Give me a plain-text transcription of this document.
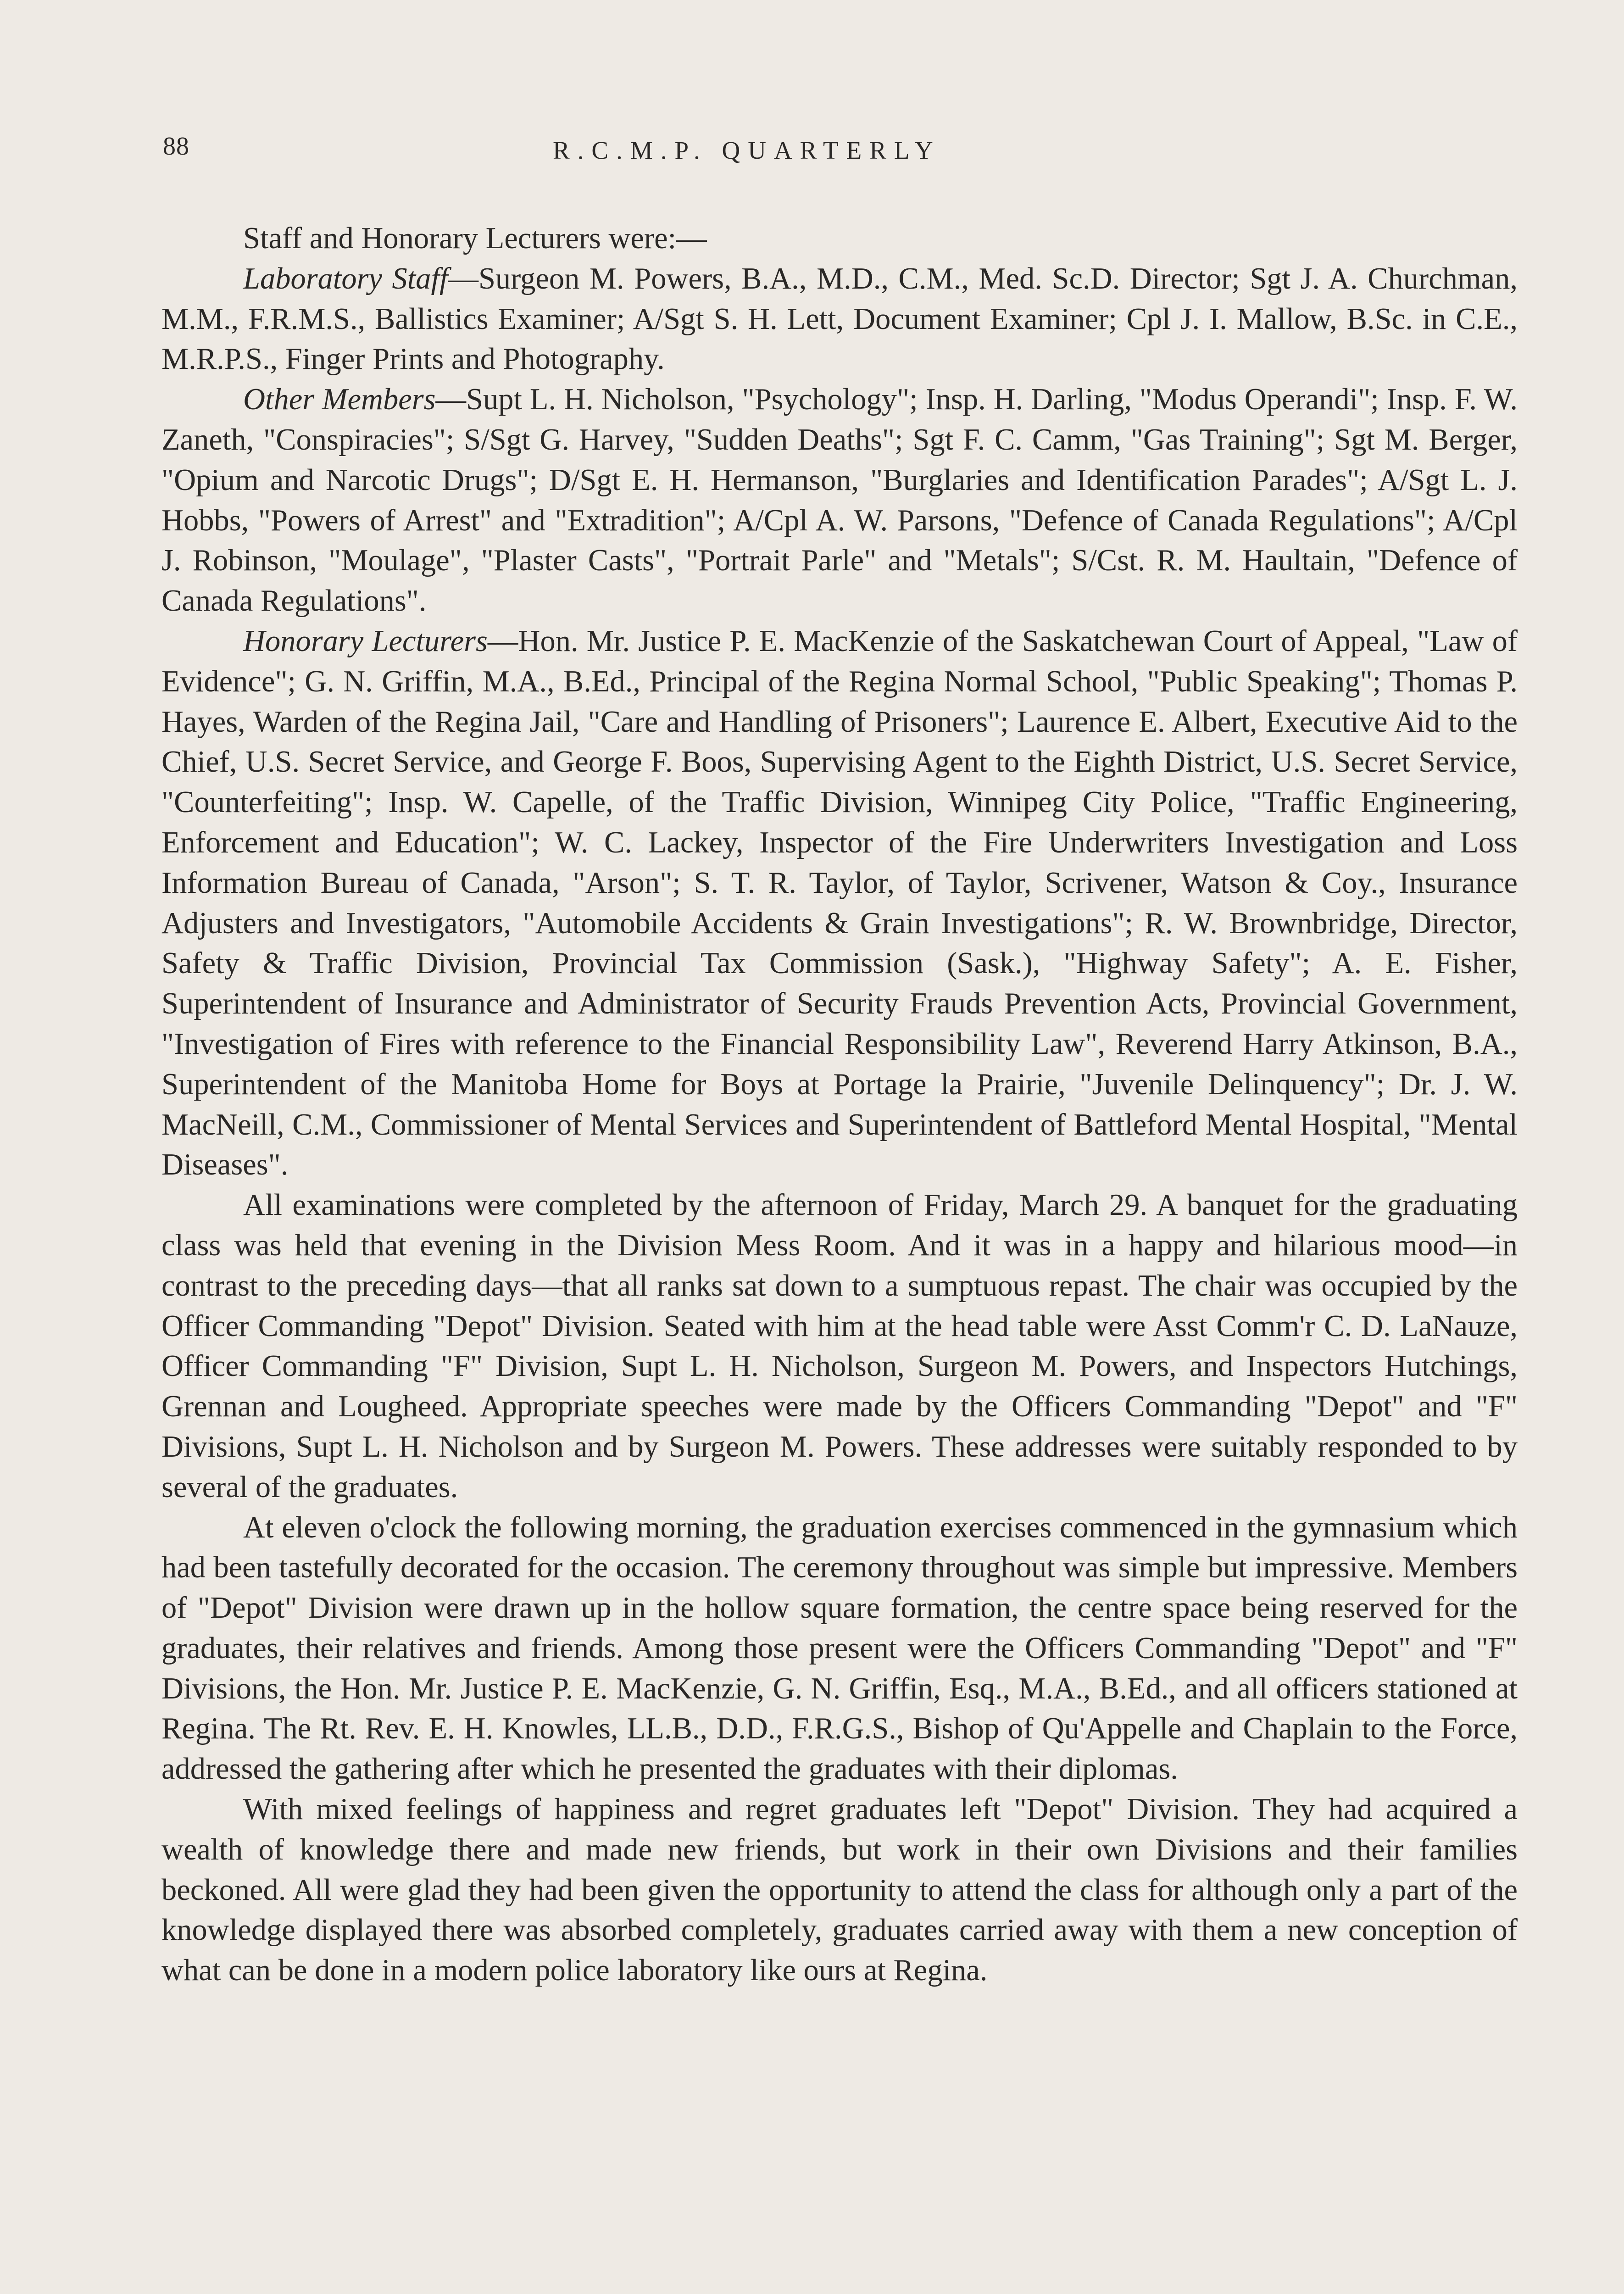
88	R.C.M.P. QUARTERLY

Staff and Honorary Lecturers were:—

Laboratory Staff—Surgeon M. Powers, B.A., M.D., C.M., Med. Sc.D. Director; Sgt J. A. Churchman, M.M., F.R.M.S., Ballistics Examiner; A/Sgt S. H. Lett, Document Examiner; Cpl J. I. Mallow, B.Sc. in C.E., M.R.P.S., Finger Prints and Photography.

Other Members—Supt L. H. Nicholson, "Psychology"; Insp. H. Darling, "Modus Operandi"; Insp. F. W. Zaneth, "Conspiracies"; S/Sgt G. Harvey, "Sudden Deaths"; Sgt F. C. Camm, "Gas Training"; Sgt M. Berger, "Opium and Narcotic Drugs"; D/Sgt E. H. Hermanson, "Burglaries and Identification Parades"; A/Sgt L. J. Hobbs, "Powers of Arrest" and "Extradition"; A/Cpl A. W. Parsons, "Defence of Canada Regulations"; A/Cpl J. Robinson, "Moulage", "Plaster Casts", "Portrait Parle" and "Metals"; S/Cst. R. M. Haultain, "Defence of Canada Regulations".

Honorary Lecturers—Hon. Mr. Justice P. E. MacKenzie of the Saskatchewan Court of Appeal, "Law of Evidence"; G. N. Griffin, M.A., B.Ed., Principal of the Regina Normal School, "Public Speaking"; Thomas P. Hayes, Warden of the Regina Jail, "Care and Handling of Prisoners"; Laurence E. Albert, Executive Aid to the Chief, U.S. Secret Service, and George F. Boos, Supervising Agent to the Eighth District, U.S. Secret Service, "Counterfeiting"; Insp. W. Capelle, of the Traffic Division, Winnipeg City Police, "Traffic Engineering, Enforcement and Education"; W. C. Lackey, Inspector of the Fire Underwriters Investigation and Loss Information Bureau of Canada, "Arson"; S. T. R. Taylor, of Taylor, Scrivener, Watson & Coy., Insurance Adjusters and Investigators, "Automobile Accidents & Grain Investigations"; R. W. Brownbridge, Director, Safety & Traffic Division, Provincial Tax Commission (Sask.), "Highway Safety"; A. E. Fisher, Superintendent of Insurance and Administrator of Security Frauds Prevention Acts, Provincial Government, "Investigation of Fires with reference to the Financial Responsibility Law", Reverend Harry Atkinson, B.A., Superintendent of the Manitoba Home for Boys at Portage la Prairie, "Juvenile Delinquency"; Dr. J. W. MacNeill, C.M., Commissioner of Mental Services and Superintendent of Battleford Mental Hospital, "Mental Diseases".

All examinations were completed by the afternoon of Friday, March 29. A banquet for the graduating class was held that evening in the Division Mess Room. And it was in a happy and hilarious mood—in contrast to the preceding days—that all ranks sat down to a sumptuous repast. The chair was occupied by the Officer Commanding "Depot" Division. Seated with him at the head table were Asst Comm'r C. D. LaNauze, Officer Commanding "F" Division, Supt L. H. Nicholson, Surgeon M. Powers, and Inspectors Hutchings, Grennan and Lougheed. Appropriate speeches were made by the Officers Commanding "Depot" and "F" Divisions, Supt L. H. Nicholson and by Surgeon M. Powers. These addresses were suitably responded to by several of the graduates.

At eleven o'clock the following morning, the graduation exercises commenced in the gymnasium which had been tastefully decorated for the occasion. The ceremony throughout was simple but impressive. Members of "Depot" Division were drawn up in the hollow square formation, the centre space being reserved for the graduates, their relatives and friends. Among those present were the Officers Commanding "Depot" and "F" Divisions, the Hon. Mr. Justice P. E. MacKenzie, G. N. Griffin, Esq., M.A., B.Ed., and all officers stationed at Regina. The Rt. Rev. E. H. Knowles, LL.B., D.D., F.R.G.S., Bishop of Qu'Appelle and Chaplain to the Force, addressed the gathering after which he presented the graduates with their diplomas.

With mixed feelings of happiness and regret graduates left "Depot" Division. They had acquired a wealth of knowledge there and made new friends, but work in their own Divisions and their families beckoned. All were glad they had been given the opportunity to attend the class for although only a part of the knowledge displayed there was absorbed completely, graduates carried away with them a new conception of what can be done in a modern police laboratory like ours at Regina.
